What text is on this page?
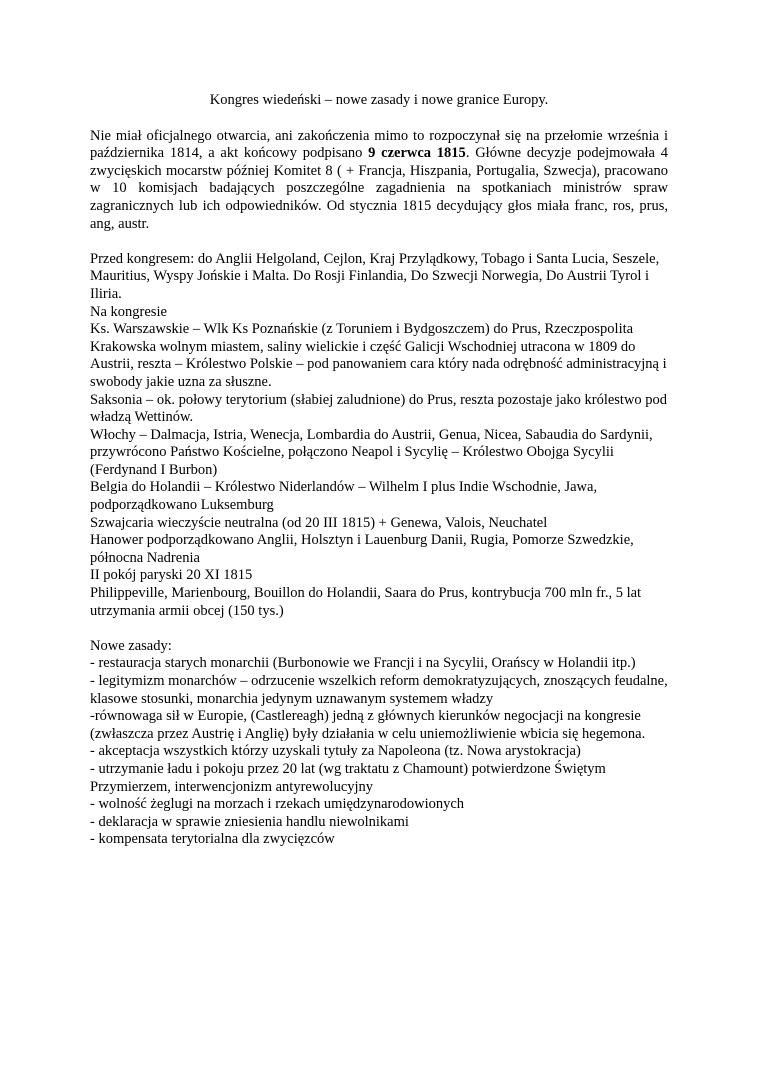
Kongres wiedeński – nowe zasady i nowe granice Europy.

Nie miał oficjalnego otwarcia, ani zakończenia mimo to rozpoczynał się na przełomie września i października 1814, a akt końcowy podpisano 9 czerwca 1815. Główne decyzje podejmowała 4 zwycięskich mocarstw później Komitet 8 ( + Francja, Hiszpania, Portugalia, Szwecja), pracowano w 10 komisjach badających poszczególne zagadnienia na spotkaniach ministrów spraw zagranicznych lub ich odpowiedników. Od stycznia 1815 decydujący głos miała franc, ros, prus, ang, austr.

Przed kongresem: do Anglii Helgoland, Cejlon, Kraj Przylądkowy, Tobago i Santa Lucia, Seszele, Mauritius, Wyspy Jońskie i Malta. Do Rosji Finlandia, Do Szwecji Norwegia, Do Austrii Tyrol i Iliria.

Na kongresie

Ks. Warszawskie – Wlk Ks Poznańskie (z Toruniem i Bydgoszczem) do Prus, Rzeczpospolita Krakowska wolnym miastem, saliny wielickie i część Galicji Wschodniej utracona w 1809 do Austrii, reszta – Królestwo Polskie – pod panowaniem cara który nada odrębność administracyjną i swobody jakie uzna za słuszne.

Saksonia – ok. połowy terytorium (słabiej zaludnione) do Prus, reszta pozostaje jako królestwo pod władzą Wettinów.

Włochy – Dalmacja, Istria, Wenecja, Lombardia do Austrii, Genua, Nicea, Sabaudia do Sardynii, przywrócono Państwo Kościelne, połączono Neapol i Sycylię – Królestwo Obojga Sycylii (Ferdynand I Burbon)

Belgia do Holandii – Królestwo Niderlandów – Wilhelm I plus Indie Wschodnie, Jawa, podporządkowano Luksemburg

Szwajcaria wieczyście neutralna (od 20 III 1815) + Genewa, Valois, Neuchatel

Hanower podporządkowano Anglii, Holsztyn i Lauenburg Danii, Rugia, Pomorze Szwedzkie, północna Nadrenia

II pokój paryski 20 XI 1815

Philippeville, Marienbourg, Bouillon do Holandii, Saara do Prus, kontrybucja 700 mln fr., 5 lat utrzymania armii obcej (150 tys.)

Nowe zasady:

- restauracja starych monarchii (Burbonowie we Francji i na Sycylii, Orańscy w Holandii itp.)

- legitymizm monarchów – odrzucenie wszelkich reform demokratyzujących, znoszących feudalne, klasowe stosunki, monarchia jedynym uznawanym systemem władzy

-równowaga sił w Europie, (Castlereagh) jedną z głównych kierunków negocjacji na kongresie (zwłaszcza przez Austrię i Anglię) były działania w celu uniemożliwienie wbicia się hegemona.

- akceptacja wszystkich którzy uzyskali tytuły za Napoleona (tz. Nowa arystokracja)

- utrzymanie ładu i pokoju przez 20 lat (wg traktatu z Chamount) potwierdzone Świętym Przymierzem, interwencjonizm antyrewolucyjny

- wolność żeglugi na morzach i rzekach umiędzynarodowionych

- deklaracja w sprawie zniesienia handlu niewolnikami

- kompensata terytorialna dla zwycięzców
